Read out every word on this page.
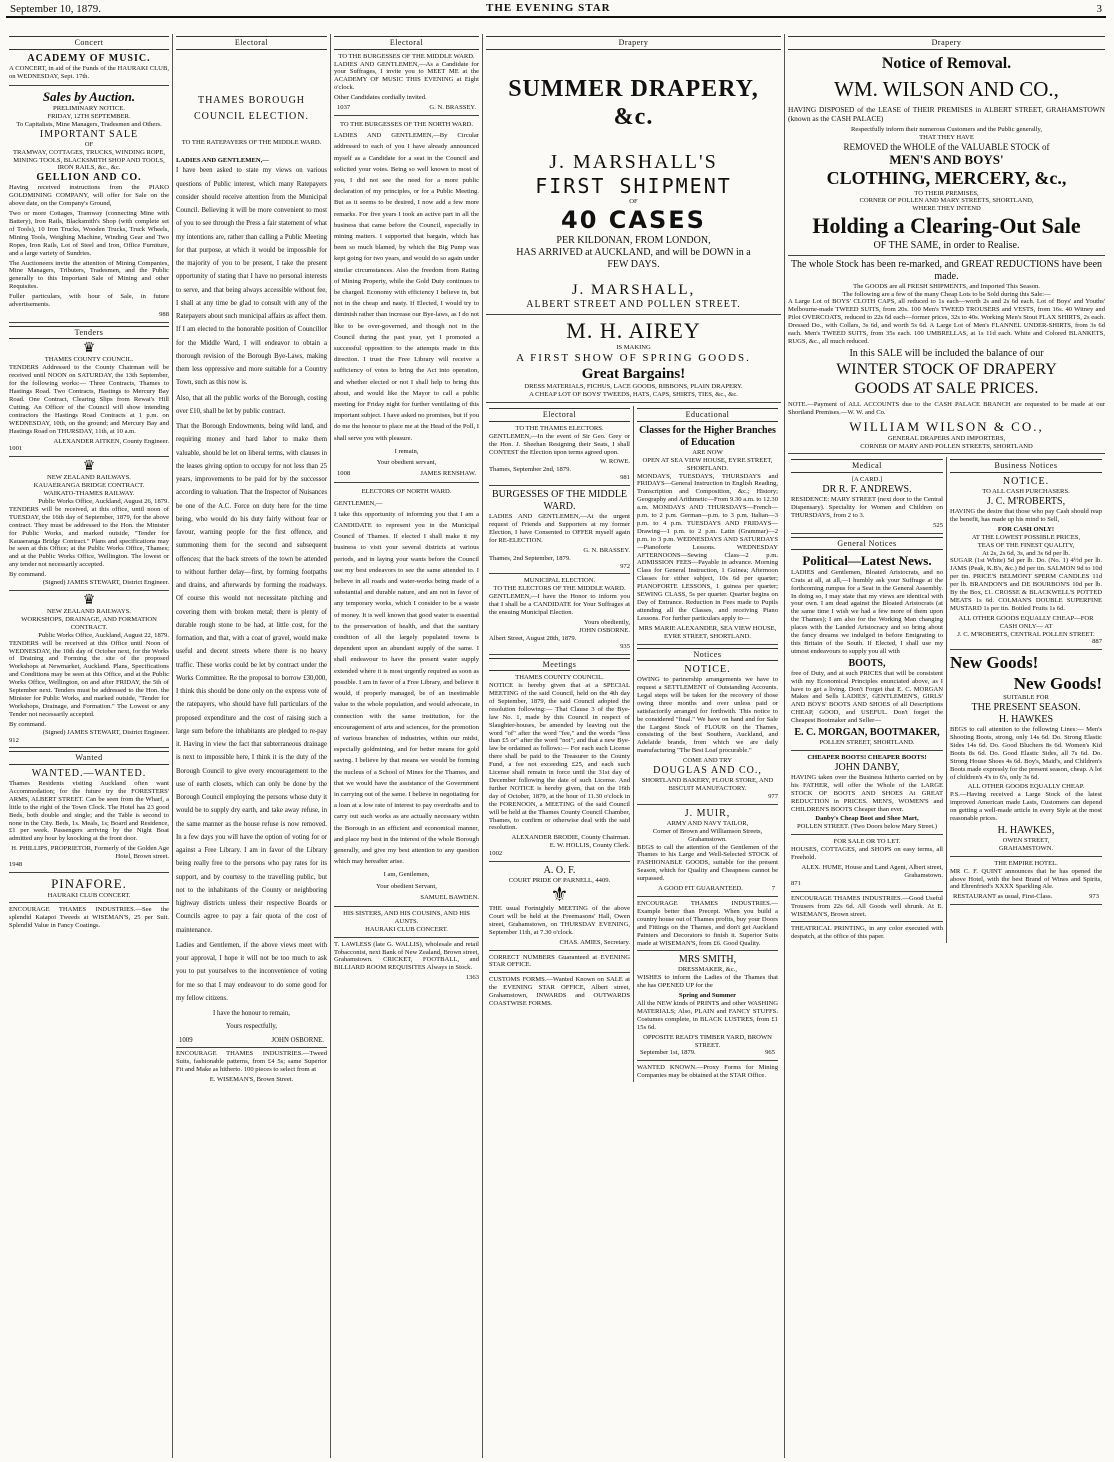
September 10, 1879.	THE EVENING STAR	3
Concert
ACADEMY OF MUSIC.

A CONCERT, in aid of the Funds of the HAURAKI CLUB, on WEDNESDAY, Sept. 17th.

Sales by Auction.
PRELIMINARY NOTICE.
FRIDAY, 12TH SEPTEMBER.
To Capitalists, Mine Managers, Tradesmen and Others.
IMPORTANT SALE
OF
TRAMWAY, COTTAGES, TRUCKS, WINDING ROPE, MINING TOOLS, BLACKSMITH SHOP AND TOOLS, IRON RAILS, &c., &c.
GELLION AND CO.

Having received instructions from the PIAKO GOLDMINING COMPANY, will offer for Sale on the above date, on the Company's Ground,

Two or more Cottages, Tramway (connecting Mine with Battery), Iron Rails, Blacksmith's Shop (with complete set of Tools), 10 Iron Trucks, Wooden Trucks, Truck Wheels, Mining Tools, Weighing Machine, Winding Gear and Two Ropes, Iron Rails, Lot of Steel and Iron, Office Furniture, and a large variety of Sundries.

The Auctioneers invite the attention of Mining Companies, Mine Managers, Tributers, Tradesmen, and the Public generally to this Important Sale of Mining and other Requisites.

Fuller particulars, with hour of Sale, in future advertisements.

988
Tenders
♛
THAMES COUNTY COUNCIL.

TENDERS Addressed to the County Chairman will be received until NOON on SATURDAY, the 13th September, for the following works:— Three Contracts, Thames to Hastings Road. Two Contracts, Hastings to Mercury Bay Road. One Contract, Clearing Slips from Rewai's Hill Cutting. An Officer of the Council will show intending contractors the Hastings Road Contracts at 1 p.m. on WEDNESDAY, 10th, on the ground; and Mercury Bay and Hastings Road on THURSDAY, 11th, at 10 a.m.

ALEXANDER AITKEN, County Engineer.
1001
♛
NEW ZEALAND RAILWAYS.
KAUAERANGA BRIDGE CONTRACT.
WAIKATO-THAMES RAILWAY.
Public Works Office, Auckland, August 26, 1879.

TENDERS will be received, at this office, until noon of TUESDAY, the 16th day of September, 1879, for the above contract. They must be addressed to the Hon. the Minister for Public Works, and marked outside, "Tender for Kauaeranga Bridge Contract." Plans and specifications may be seen at this Office; at the Public Works Office, Thames; and at the Public Works Office, Wellington. The lowest or any tender not necessarily accepted.

By command.
(Signed) JAMES STEWART, District Engineer.
♛
NEW ZEALAND RAILWAYS.
WORKSHOPS, DRAINAGE, AND FORMATION CONTRACT.
Public Works Office, Auckland, August 22, 1879.

TENDERS will be received at this Office until Noon of WEDNESDAY, the 10th day of October next, for the Works of Draining and Forming the site of the proposed Workshops at Newmarket, Auckland. Plans, Specifications and Conditions may be seen at this Office, and at the Public Works Office, Wellington, on and after FRIDAY, the 5th of September next. Tenders must be addressed to the Hon. the Minister for Public Works, and marked outside, "Tender for Workshops, Drainage, and Formation." The Lowest or any Tender not necessarily accepted.

By command.
(Signed) JAMES STEWART, District Engineer.
912
Wanted
WANTED.—WANTED.

Thames Residents visiting Auckland often want Accommodation; for the future try the FORESTERS' ARMS, ALBERT STREET. Can be seen from the Wharf, a little to the right of the Town Clock. The Hotel has 23 good Beds, both double and single; and the Table is second to none in the City. Beds, 1s. Meals, 1s; Board and Residence, £1 per week. Passengers arriving by the Night Boat admitted any hour by knocking at the front door.

H. PHILLIPS, PROPRIETOR, Formerly of the Golden Age Hotel, Brown street.
1948
PINAFORE.
HAURAKI CLUB CONCERT.

ENCOURAGE THAMES INDUSTRIES.—See the splendid Kaiapoi Tweeds at WISEMAN'S, 25 per Suit. Splendid Value in Fancy Coatings.

Electoral
THAMES BOROUGH COUNCIL ELECTION.
TO THE RATEPAYERS OF THE MIDDLE WARD.
LADIES AND GENTLEMEN,—

I have been asked to state my views on various questions of Public interest, which many Ratepayers consider should receive attention from the Municipal Council. Believing it will be more convenient to most of you to see through the Press a fair statement of what my intentions are, rather than calling a Public Meeting for that purpose, at which it would be impossible for the majority of you to be present, I take the present opportunity of stating that I have no personal interests to serve, and that being always accessible without fee, I shall at any time be glad to consult with any of the Ratepayers about such municipal affairs as affect them. If I am elected to the honorable position of Councillor for the Middle Ward, I will endeavor to obtain a thorough revision of the Borough Bye-Laws, making them less oppressive and more suitable for a Country Town, such as this now is.

Also, that all the public works of the Borough, costing over £10, shall be let by public contract.

That the Borough Endowments, being wild land, and requiring money and hard labor to make them valuable, should be let on liberal terms, with clauses in the leases giving option to occupy for not less than 25 years, improvements to be paid for by the successor according to valuation. That the Inspector of Nuisances be one of the A.C. Force on duty here for the time being, who would do his duty fairly without fear or favour, warning people for the first offence, and summoning them for the second and subsequent offences; that the back streets of the town be attended to without further delay—first, by forming footpaths and drains, and afterwards by forming the roadways. Of course this would not necessitate pitching and covering them with broken metal; there is plenty of durable rough stone to be had, at little cost, for the formation, and that, with a coat of gravel, would make useful and decent streets where there is no heavy traffic. These works could be let by contract under the Works Committee. Re the proposal to borrow £30,000, I think this should be done only on the express vote of the ratepayers, who should have full particulars of the proposed expenditure and the cost of raising such a large sum before the inhabitants are pledged to re-pay it. Having in view the fact that subterraneous drainage is next to impossible here, I think it is the duty of the Borough Council to give every encouragement to the use of earth closets, which can only be done by the Borough Council employing the persons whose duty it would be to supply dry earth, and take away refuse, in the same manner as the house refuse is now removed. In a few days you will have the option of voting for or against a Free Library. I am in favor of the Library being really free to the persons who pay rates for its support, and by courtesy to the travelling public, but not to the inhabitants of the County or neighboring highway districts unless their respective Boards or Councils agree to pay a fair quota of the cost of maintenance.

Ladies and Gentlemen, if the above views meet with your approval, I hope it will not be too much to ask you to put yourselves to the inconvenience of voting for me so that I may endeavour to do some good for my fellow citizens.

I have the honour to remain,
Yours respectfully,
1009	JOHN OSBORNE.

ENCOURAGE THAMES INDUSTRIES.—Tweed Suits, fashionable patterns, from £4 5s; same Superior Fit and Make as hitherto. 100 pieces to select from at

E. WISEMAN'S, Brown Street.
Electoral
TO THE BURGESSES OF THE MIDDLE WARD.

LADIES AND GENTLEMEN,—As a Candidate for your Suffrages, I invite you to MEET ME at the ACADEMY OF MUSIC THIS EVENING at Eight o'clock.

Other Candidates cordially invited.

1037	G. N. BRASSEY.
TO THE BURGESSES OF THE NORTH WARD.

LADIES AND GENTLEMEN,—By Circular addressed to each of you I have already announced myself as a Candidate for a seat in the Council and solicited your votes. Being so well known to most of you, I did not see the need for a more public declaration of my principles, or for a Public Meeting. But as it seems to be desired, I now add a few more remarks. For five years I took an active part in all the business that came before the Council, especially in mining matters. I supported that bargain, which has been so much blamed, by which the Big Pump was kept going for two years, and would do so again under similar circumstances. Also the freedom from Rating of Mining Property, while the Gold Duty continues to be charged. Economy with efficiency I believe in, but not in the cheap and nasty. If Elected, I would try to diminish rather than increase our Bye-laws, as I do not like to be over-governed, and though not in the Council during the past year, yet I promoted a successful opposition to the attempts made in this direction. I trust the Free Library will receive a sufficiency of votes to bring the Act into operation, and whether elected or not I shall help to bring this about, and would like the Mayor to call a public meeting for Friday night for further ventilating of this important subject. I have asked no promises, but if you do me the honour to place me at the Head of the Poll, I shall serve you with pleasure.

I remain,
Your obedient servant,
1008	JAMES RENSHAW.
ELECTORS OF NORTH WARD.
GENTLEMEN,—

I take this opportunity of informing you that I am a CANDIDATE to represent you in the Municipal Council of Thames. If elected I shall make it my business to visit your several districts at various periods, and in laying your wants before the Council use my best endeavors to see the same attended to. I believe in all roads and water-works being made of a substantial and durable nature, and am not in favor of any temporary works, which I consider to be a waste of money. It is well known that good water is essential to the preservation of health, and that the sanitary condition of all the largely populated towns is dependent upon an abundant supply of the same. I shall endeavour to have the present water supply extended where it is most urgently required as soon as possible. I am in favor of a Free Library, and believe it would, if properly managed, be of an inestimable value to the whole population, and would advocate, in connection with the same institution, for the encouragement of arts and sciences, for the promotion of various branches of industries, within our midst, especially goldmining, and for better means for gold saving. I believe by that means we would be forming the nucleus of a School of Mines for the Thames, and that we would have the assistance of the Government in carrying out of the same. I believe in negotiating for a loan at a low rate of interest to pay overdrafts and to carry out such works as are actually necessary within the Borough in an efficient and economical manner, and place my best in the interest of the whole Borough generally, and give my best attention to any question which may hereafter arise.

I am, Gentlemen,
Your obedient Servant,
SAMUEL BAWDEN.
HIS SISTERS, AND HIS COUSINS, AND HIS AUNTS.
HAURAKI CLUB CONCERT.

T. LAWLESS (late G. WALLIS), wholesale and retail Tobacconist, next Bank of New Zealand, Brown street, Grahamstown. CRICKET, FOOTBALL, and BILLIARD ROOM REQUISITES Always in Stock.

1363
Drapery
SUMMER DRAPERY, &c.
J. MARSHALL'S
FIRST SHIPMENT
OF
40 CASES
PER KILDONAN, FROM LONDON,
HAS ARRIVED at AUCKLAND, and will be DOWN in a FEW DAYS.
J. MARSHALL,
ALBERT STREET AND POLLEN STREET.
M. H. AIREY
IS MAKING
A FIRST SHOW OF SPRING GOODS.
Great Bargains!
DRESS MATERIALS, FICHUS, LACE GOODS, RIBBONS, PLAIN DRAPERY.
A CHEAP LOT OF BOYS' TWEEDS, HATS, CAPS, SHIRTS, TIES, &c., &c.
Electoral
TO THE THAMES ELECTORS.

GENTLEMEN,—In the event of Sir Geo. Grey or the Hon. J. Sheehan Resigning their Seats, I shall CONTEST the Election upon terms agreed upon.

W. ROWE.
Thames, September 2nd, 1879.
981
BURGESSES OF THE MIDDLE WARD.

LADIES AND GENTLEMEN,—At the urgent request of Friends and Supporters at my former Election, I have Consented to OFFER myself again for RE-ELECTION.

G. N. BRASSEY.
Thames, 2nd September, 1879.
972
MUNICIPAL ELECTION.
TO THE ELECTORS OF THE MIDDLE WARD.

GENTLEMEN,—I have the Honor to inform you that I shall be a CANDIDATE for Your Suffrages at the ensuing Municipal Election.

Yours obediently,
JOHN OSBORNE.
Albert Street, August 28th, 1879.
935
Meetings
THAMES COUNTY COUNCIL.

NOTICE is hereby given that at a SPECIAL MEETING of the said Council, held on the 4th day of September, 1879, the said Council adopted the resolution following:— That Clause 3 of the Bye-law No. 1, made by this Council in respect of Slaughter-houses, be amended by leaving out the word "of" after the word "fee," and the words "less than £5 or" after the word "not"; and that a new Bye-law be ordained as follows:— For each such License there shall be paid to the Treasurer to the County Fund, a fee not exceeding £25, and each such License shall remain in force until the 31st day of December following the date of such License. And further NOTICE is hereby given, that on the 16th day of October, 1879, at the hour of 11.30 o'clock in the FORENOON, a MEETING of the said Council will be held at the Thames County Council Chamber, Thames, to confirm or otherwise deal with the said resolution.

ALEXANDER BRODIE, County Chairman.
E. W. HOLLIS, County Clerk.
1002
A. O. F.
COURT PRIDE OF PARNELL, 4409.
⚜

THE usual Fortnightly MEETING of the above Court will be held at the Freemasons' Hall, Owen street, Grahamstown, on THURSDAY EVENING, September 11th, at 7.30 o'clock.

CHAS. AMIES, Secretary.

CORRECT NUMBERS Guaranteed at EVENING STAR OFFICE.

CUSTOMS FORMS.—Wanted Known on SALE at the EVENING STAR OFFICE, Albert street, Grahamstown, INWARDS and OUTWARDS COASTWISE FORMS.

Educational
Classes for the Higher Branches of Education
ARE NOW
OPEN AT SEA VIEW HOUSE, EYRE STREET, SHORTLAND.

MONDAYS, TUESDAYS, THURSDAYS and FRIDAYS—General Instruction in English Reading, Transcription and Composition, &c.; History; Geography and Arithmetic—From 9.30 a.m. to 12.30 a.m. MONDAYS AND THURSDAYS—French—p.m. to 2 p.m. German—p.m. to 3 p.m. Italian—3 p.m. to 4 p.m. TUESDAYS AND FRIDAYS—Drawing—1 p.m. to 2 p.m. Latin (Grammar)—2 p.m. to 3 p.m. WEDNESDAYS AND SATURDAYS—Pianoforte Lessons. WEDNESDAY AFTERNOONS—Sewing Class—2 p.m. ADMISSION FEES—Payable in advance. Morning Class for General Instruction, 1 Guinea; Afternoon Classes for either subject, 10s 6d per quarter; PIANOFORTE LESSONS, 1 guinea per quarter; SEWING CLASS, 5s per quarter. Quarter begins on Day of Entrance. Reduction in Fees made to Pupils attending all the Classes, and receiving Piano Lessons. For further particulars apply to—

MRS MARIE ALEXANDER, SEA VIEW HOUSE, EYRE STREET, SHORTLAND.
Notices
NOTICE.

OWING to partnership arrangements we have to request a SETTLEMENT of Outstanding Accounts. Legal steps will be taken for the recovery of those owing three months and over unless paid or satisfactorily arranged for forthwith. This notice to be considered "final." We have on hand and for Sale the Largest Stock of FLOUR on the Thames, consisting of the best Southern, Auckland, and Adelaide brands, from which we are daily manufacturing "The Best Loaf procurable."

COME AND TRY
DOUGLAS AND CO.,
SHORTLAND BAKERY, FLOUR STORE, AND BISCUIT MANUFACTORY.
977
J. MUIR,
ARMY AND NAVY TAILOR,
Corner of Brown and Williamson Streets, Grahamstown.

BEGS to call the attention of the Gentlemen of the Thames to his Large and Well-Selected STOCK of FASHIONABLE GOODS, suitable for the present Season, which for Quality and Cheapness cannot be surpassed.

A GOOD FIT GUARANTEED.	7

ENCOURAGE THAMES INDUSTRIES.—Example better than Precept. When you build a country house out of Thames profits, buy your Doors and Fittings on the Thames, and don't get Auckland Painters and Decorators to finish it. Superior Suits made at WISEMAN'S, from £6. Good Quality.

MRS SMITH,
DRESSMAKER, &c.,

WISHES to inform the Ladies of the Thames that she has OPENED UP for the

Spring and Summer

All the NEW kinds of PRINTS and other WASHING MATERIALS; Also, PLAIN and FANCY STUFFS. Costumes complete, in BLACK LUSTRES, from £1 15s 6d.

OPPOSITE READ'S TIMBER YARD, BROWN STREET.
September 1st, 1879.	965

WANTED KNOWN.—Proxy Forms for Mining Companies may be obtained at the STAR Office.

Drapery
Notice of Removal.
WM. WILSON AND CO.,

HAVING DISPOSED of the LEASE of THEIR PREMISES in ALBERT STREET, GRAHAMSTOWN (known as the CASH PALACE)

Respectfully inform their numerous Customers and the Public generally,
THAT THEY HAVE
REMOVED the WHOLE of the VALUABLE STOCK of
MEN'S AND BOYS'
CLOTHING, MERCERY, &c.,
TO THEIR PREMISES,
CORNER OF POLLEN AND MARY STREETS, SHORTLAND,
WHERE THEY INTEND
Holding a Clearing-Out Sale
OF THE SAME, in order to Realise.
The whole Stock has been re-marked, and GREAT REDUCTIONS have been made.
The GOODS are all FRESH SHIPMENTS, and Imported This Season.
The following are a few of the many Cheap Lots to be Sold during this Sale:—

A Large Lot of BOYS' CLOTH CAPS, all reduced to 1s each—worth 2s and 2s 6d each. Lot of Boys' and Youths' Melbourne-made TWEED SUITS, from 20s. 100 Men's TWEED TROUSERS and VESTS, from 16s. 40 Witney and Pilot OVERCOATS, reduced to 22s 6d each—former prices, 32s to 40s. Working Men's Stout FLAX SHIRTS, 2s each. Dressed Do., with Collars, 3s 6d, and worth 5s 6d. A Large Lot of Men's FLANNEL UNDER-SHIRTS, from 3s 6d each. Men's TWEED SUITS, from 35s each. 100 UMBRELLAS, at 1s 11d each. White and Colored BLANKETS, RUGS, &c., all much reduced.

In this SALE will be included the balance of our
WINTER STOCK OF DRAPERY
GOODS AT SALE PRICES.

NOTE.—Payment of ALL ACCOUNTS due to the CASH PALACE BRANCH are requested to be made at our Shortland Premises.—W. W. and Co.

WILLIAM WILSON & CO.,
GENERAL DRAPERS AND IMPORTERS,
CORNER OF MARY AND POLLEN STREETS, SHORTLAND
Medical
[A CARD.]
DR R. F. ANDREWS.

RESIDENCE: MARY STREET (next door to the Central Dispensary). Speciality for Women and Children on THURSDAYS, from 2 to 3.

525
General Notices
Political—Latest News.

LADIES and Gentlemen, Bloated Aristocrats, and no Crats at all, at all,—I humbly ask your Suffrage at the forthcoming rumpus for a Seat in the General Assembly. In doing so, I may state that my views are identical with your own. I am dead against the Bloated Aristocrats (at the same time I wish we had a few more of them upon the Thames); I am also for the Working Man changing places with the Landed Aristocracy and so bring about the fancy dreams we indulged in before Emigrating to this Britain of the South. If Elected, I shall use my utmost endeavours to supply you all with

BOOTS,

free of Duty, and at such PRICES that will be consistent with my Economical Principles enunciated above, as I have to get a living. Don't Forget that E. C. MORGAN Makes and Sells LADIES', GENTLEMEN'S, GIRLS' AND BOYS' BOOTS AND SHOES of all Descriptions CHEAP, GOOD, and USEFUL. Don't forget the Cheapest Bootmaker and Seller—

E. C. MORGAN, BOOTMAKER,
POLLEN STREET, SHORTLAND.
CHEAPER BOOTS! CHEAPER BOOTS!
JOHN DANBY,

HAVING taken over the Business hitherto carried on by his FATHER, will offer the Whole of the LARGE STOCK OF BOOTS AND SHOES At GREAT REDUCTION in PRICES. MEN'S, WOMEN'S and CHILDREN'S BOOTS Cheaper than ever.

Danby's Cheap Boot and Shoe Mart,
POLLEN STREET. (Two Doors below Mary Street.)
FOR SALE OR TO LET.

HOUSES, COTTAGES, and SHOPS on easy terms, all Freehold.

ALEX. HUME, House and Land Agent, Albert street, Grahamstown.
871

ENCOURAGE THAMES INDUSTRIES.—Good Useful Trousers from 22s 6d. All Goods well shrunk. At E. WISEMAN'S, Brown street.

THEATRICAL PRINTING, in any color executed with despatch, at the office of this paper.

Business Notices
NOTICE.
TO ALL CASH PURCHASERS.
J. C. M'ROBERTS,

HAVING the desire that those who pay Cash should reap the benefit, has made up his mind to Sell,

FOR CASH ONLY!
AT THE LOWEST POSSIBLE PRICES,
TEAS OF THE FINEST QUALITY,
At 2s, 2s 6d, 3s, and 3s 6d per lb.

SUGAR (1st White) 5d per lb. Do. (No. 1) 4½d per lb. JAMS (Peak, K.B's, &c.) 8d per tin. SALMON 9d to 10d per tin. PRICE'S BELMONT SPERM CANDLES 11d per lb. BRANDON'S and DE BOURBON'S 10d per lb. By the Box, £1. CROSSE & BLACKWELL'S POTTED MEATS 1s 6d. COLMAN'S DOUBLE SUPERFINE MUSTARD 1s per tin. Bottled Fruits 1s 6d.

ALL OTHER GOODS EQUALLY CHEAP—FOR CASH ONLY— AT
J. C. M'ROBERTS, CENTRAL POLLEN STREET.
887
New Goods!
New Goods!
SUITABLE FOR
THE PRESENT SEASON.
H. HAWKES

BEGS to call attention to the following Lines:— Men's Shooting Boots, strong, only 14s 6d. Do. Strong Elastic Sides 14s 6d. Do. Good Bluchers 8s 6d. Women's Kid Boots 8s 6d. Do. Good Elastic Sides, all 7s 6d. Do. Strong House Shoes 4s 6d. Boy's, Maid's, and Children's Boots made expressly for the present season, cheap. A lot of children's 4's to 6's, only 3s 6d.

ALL OTHER GOODS EQUALLY CHEAP.

P.S.—Having received a Large Stock of the latest improved American made Lasts, Customers can depend on getting a well-made article in every Style at the most reasonable prices.

H. HAWKES,
OWEN STREET,
GRAHAMSTOWN.
THE EMPIRE HOTEL.

MR C. F. QUINT announces that he has opened the above Hotel, with the best Brand of Wines and Spirits, and Ehrenfried's XXXX Sparkling Ale.

RESTAURANT as usual, First-Class.	973
